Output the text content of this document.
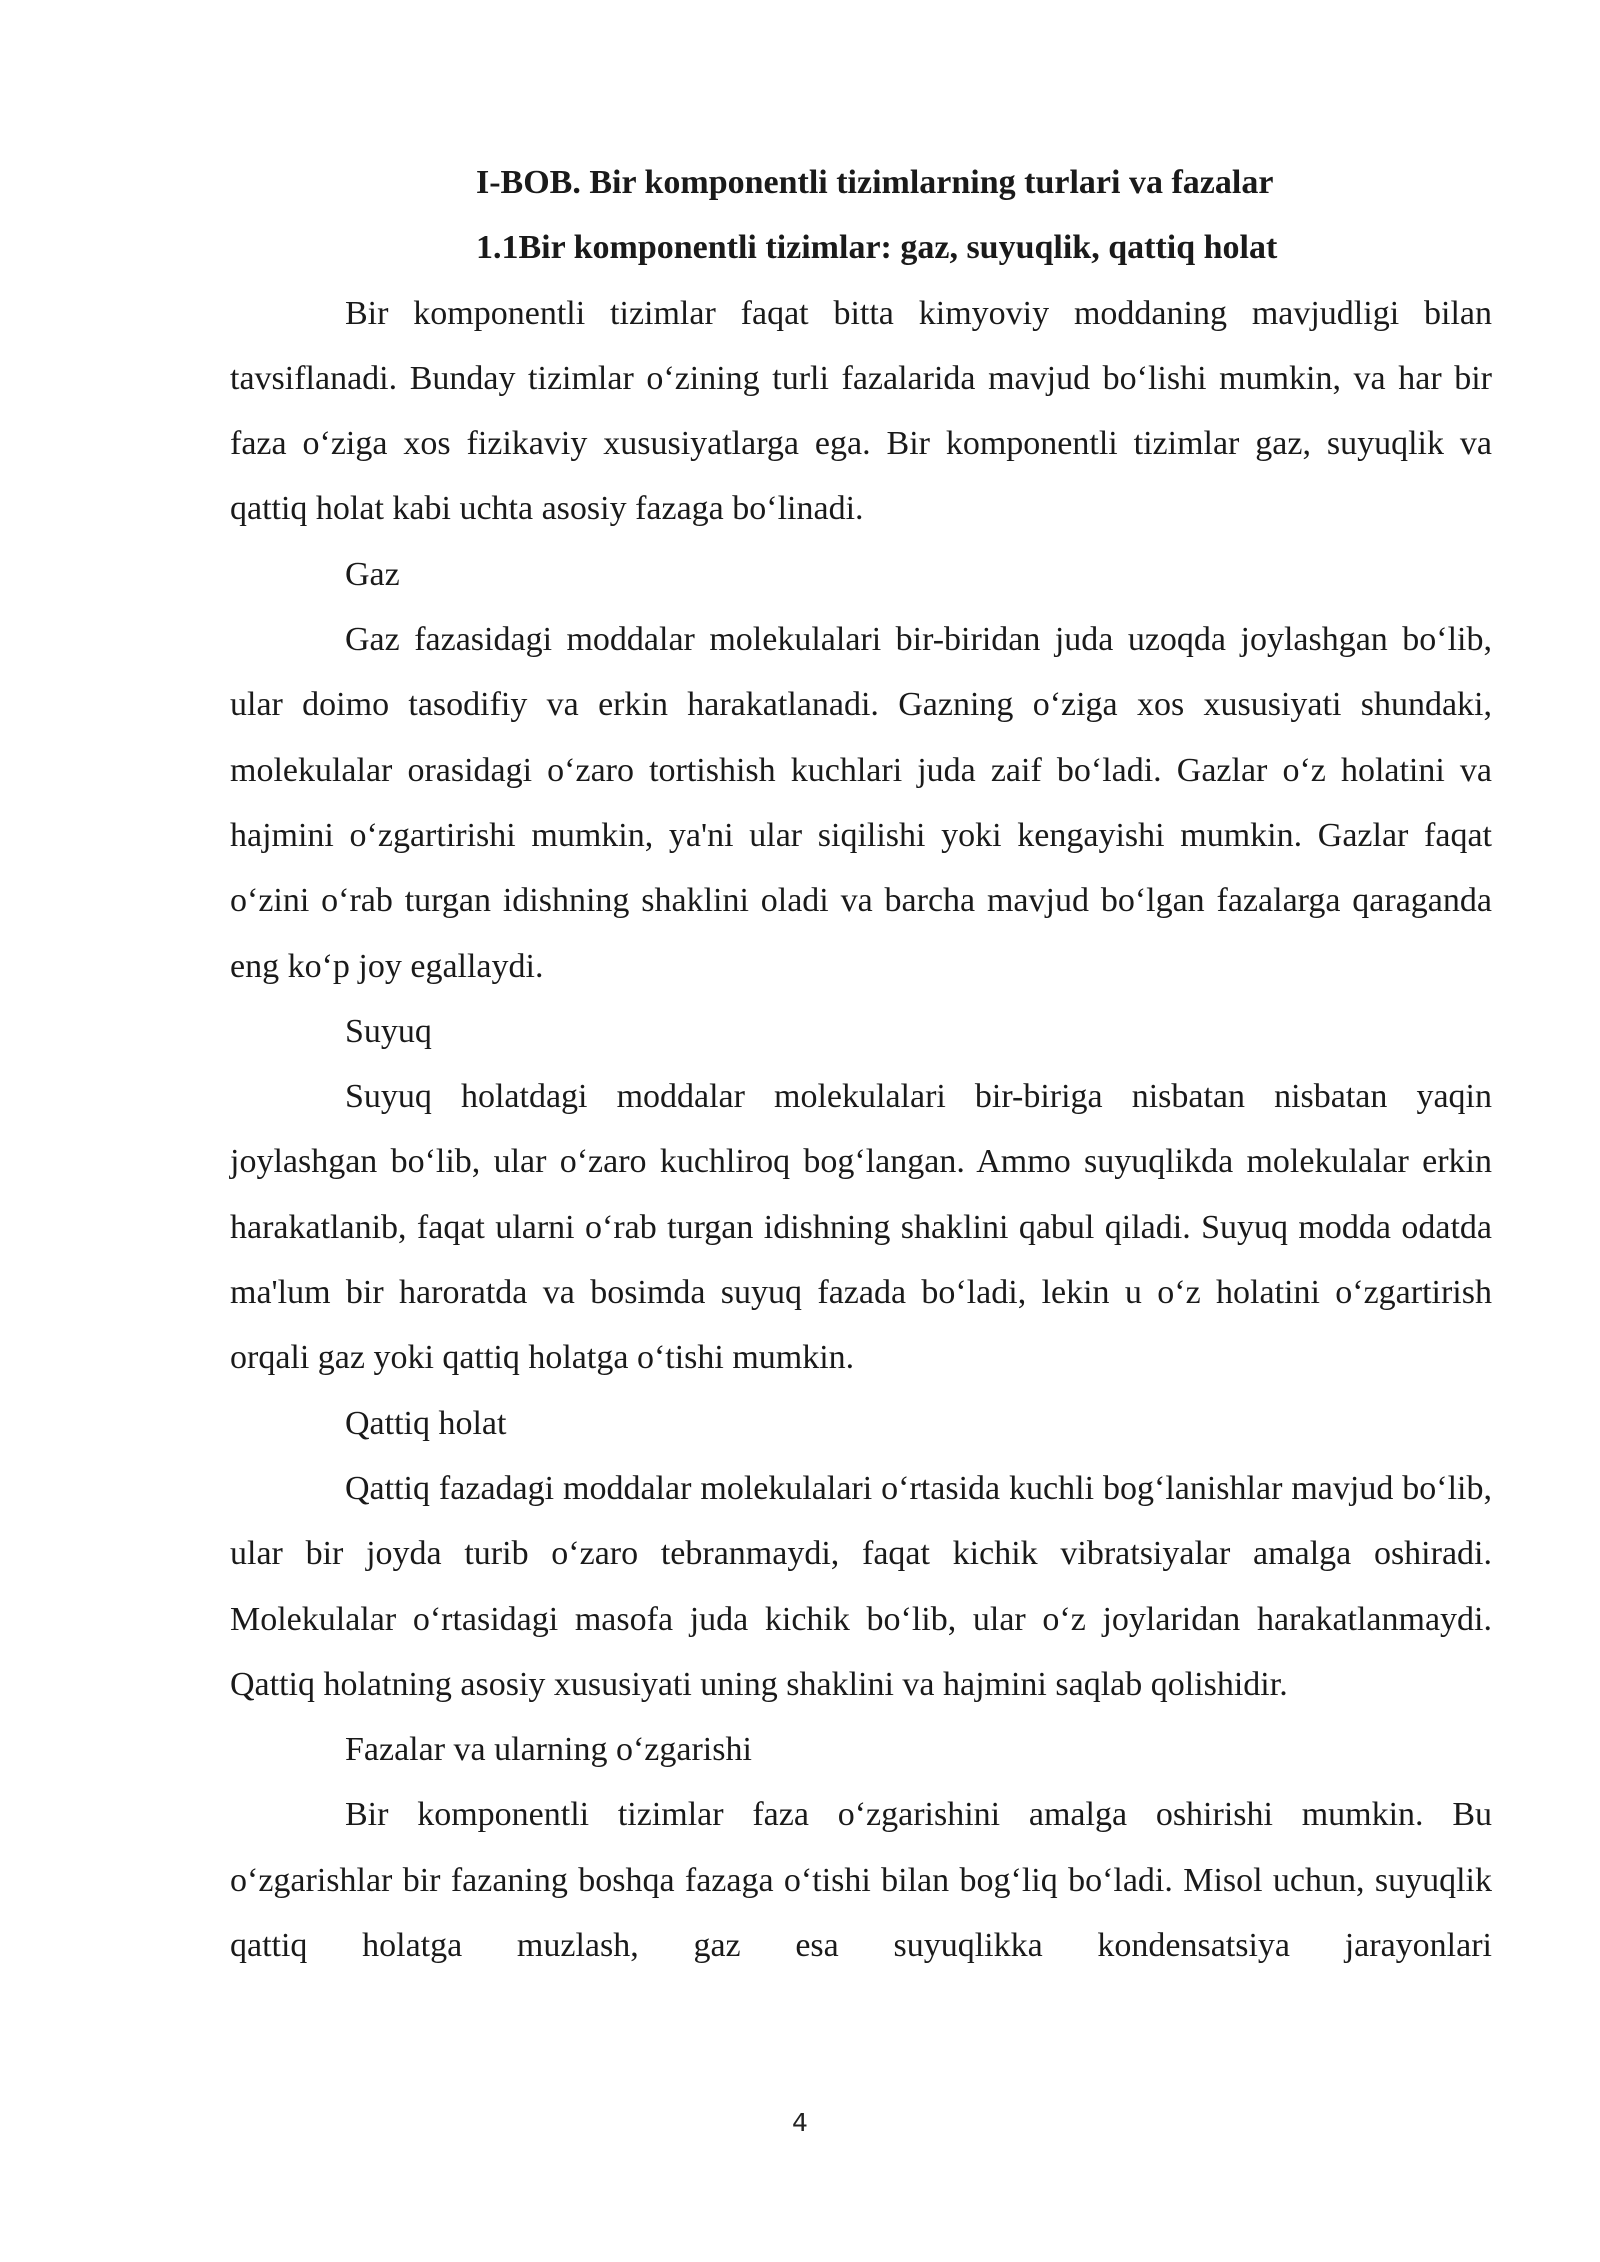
I-BOB. Bir komponentli tizimlarning turlari va fazalar
1.1Bir komponentli tizimlar: gaz, suyuqlik, qattiq holat

Bir komponentli tizimlar faqat bitta kimyoviy moddaning mavjudligi bilan tavsiflanadi. Bunday tizimlar o‘zining turli fazalarida mavjud bo‘lishi mumkin, va har bir faza o‘ziga xos fizikaviy xususiyatlarga ega. Bir komponentli tizimlar gaz, suyuqlik va qattiq holat kabi uchta asosiy fazaga bo‘linadi.

Gaz

Gaz fazasidagi moddalar molekulalari bir-biridan juda uzoqda joylashgan bo‘lib, ular doimo tasodifiy va erkin harakatlanadi. Gazning o‘ziga xos xususiyati shundaki, molekulalar orasidagi o‘zaro tortishish kuchlari juda zaif bo‘ladi. Gazlar o‘z holatini va hajmini o‘zgartirishi mumkin, ya'ni ular siqilishi yoki kengayishi mumkin. Gazlar faqat o‘zini o‘rab turgan idishning shaklini oladi va barcha mavjud bo‘lgan fazalarga qaraganda eng ko‘p joy egallaydi.

Suyuq

Suyuq holatdagi moddalar molekulalari bir-biriga nisbatan nisbatan yaqin joylashgan bo‘lib, ular o‘zaro kuchliroq bog‘langan. Ammo suyuqlikda molekulalar erkin harakatlanib, faqat ularni o‘rab turgan idishning shaklini qabul qiladi. Suyuq modda odatda ma'lum bir haroratda va bosimda suyuq fazada bo‘ladi, lekin u o‘z holatini o‘zgartirish orqali gaz yoki qattiq holatga o‘tishi mumkin.

Qattiq holat

Qattiq fazadagi moddalar molekulalari o‘rtasida kuchli bog‘lanishlar mavjud bo‘lib, ular bir joyda turib o‘zaro tebranmaydi, faqat kichik vibratsiyalar amalga oshiradi. Molekulalar o‘rtasidagi masofa juda kichik bo‘lib, ular o‘z joylaridan harakatlanmaydi. Qattiq holatning asosiy xususiyati uning shaklini va hajmini saqlab qolishidir.

Fazalar va ularning o‘zgarishi

Bir komponentli tizimlar faza o‘zgarishini amalga oshirishi mumkin. Bu o‘zgarishlar bir fazaning boshqa fazaga o‘tishi bilan bog‘liq bo‘ladi. Misol uchun, suyuqlik qattiq holatga muzlash, gaz esa suyuqlikka kondensatsiya jarayonlari

4
